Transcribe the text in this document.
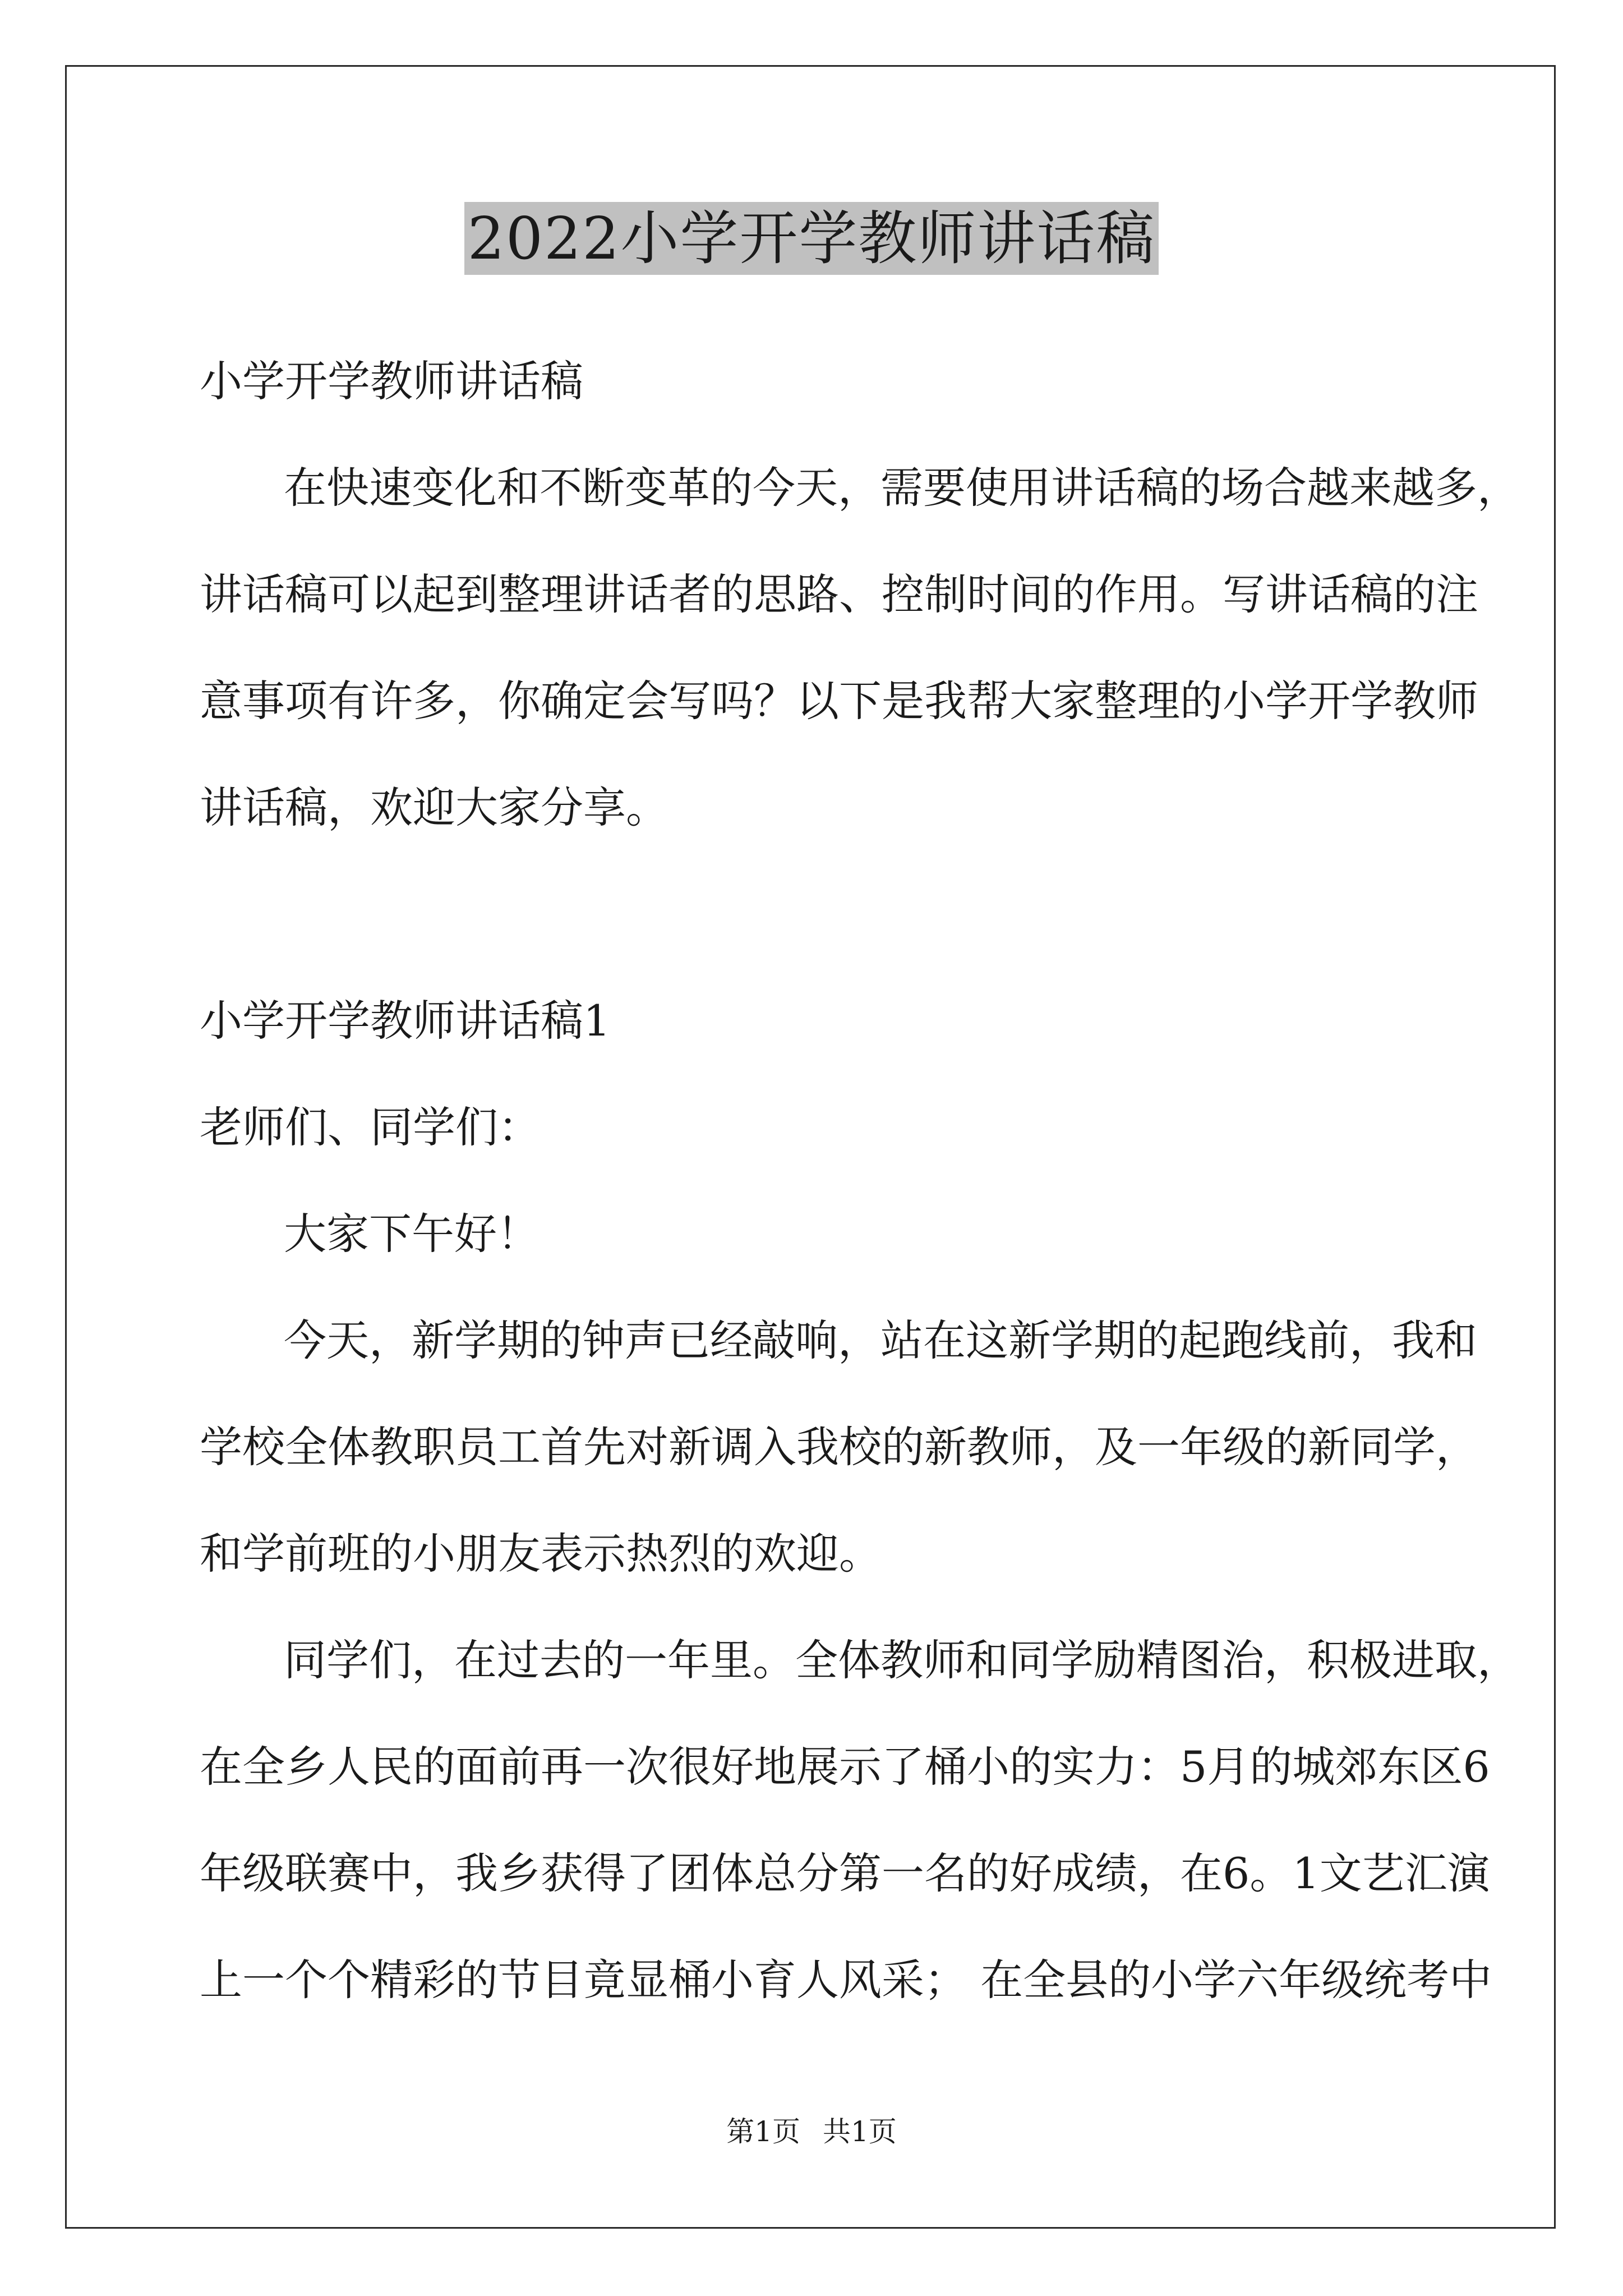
2022小学开学教师讲话稿
小学开学教师讲话稿
在快速变化和不断变革的今天，需要使用讲话稿的场合越来越多，
讲话稿可以起到整理讲话者的思路、控制时间的作用。写讲话稿的注
意事项有许多，你确定会写吗？以下是我帮大家整理的小学开学教师
讲话稿，欢迎大家分享。
小学开学教师讲话稿1
老师们、同学们：
大家下午好！
今天，新学期的钟声已经敲响，站在这新学期的起跑线前，我和
学校全体教职员工首先对新调入我校的新教师，及一年级的新同学，
和学前班的小朋友表示热烈的欢迎。
同学们，在过去的一年里。全体教师和同学励精图治，积极进取，
在全乡人民的面前再一次很好地展示了桶小的实力：5月的城郊东区6
年级联赛中，我乡获得了团体总分第一名的好成绩，在6。1文艺汇演
上一个个精彩的节目竟显桶小育人风采； 在全县的小学六年级统考中
第1页 共1页
